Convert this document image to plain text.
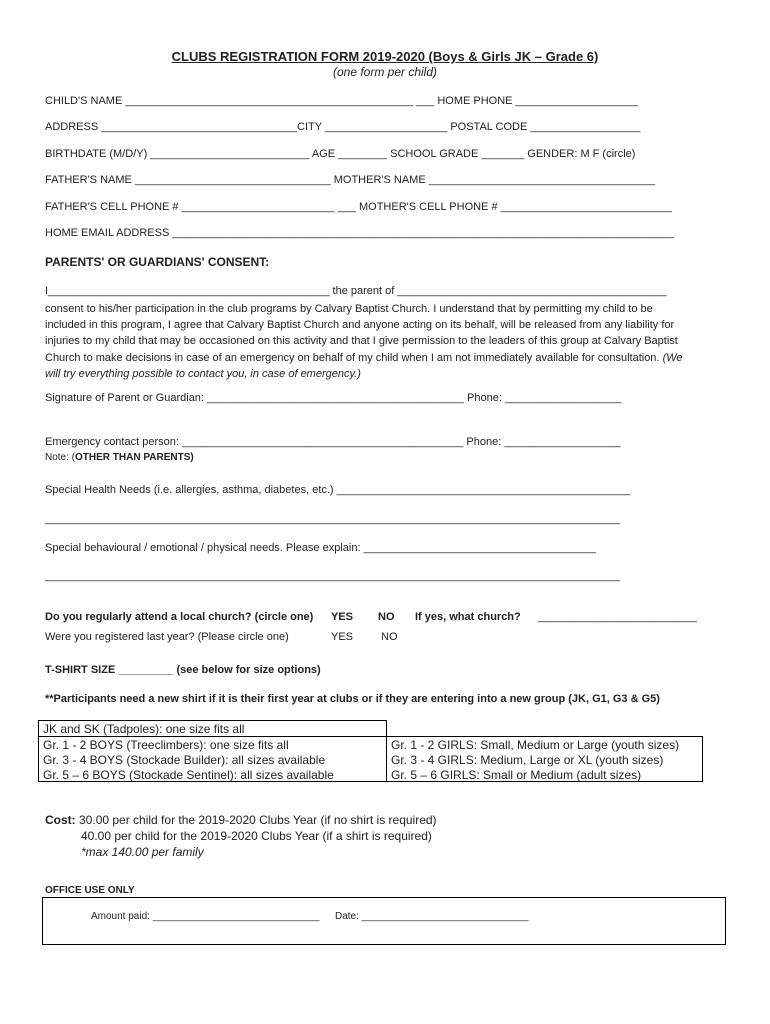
CLUBS REGISTRATION FORM 2019-2020 (Boys & Girls JK – Grade 6)
(one form per child)
CHILD'S NAME _______________________________________________ ___ HOME PHONE ____________________
ADDRESS ________________________________CITY ____________________ POSTAL CODE __________________
BIRTHDATE (M/D/Y) __________________________ AGE ________ SCHOOL GRADE _______ GENDER: M F (circle)
FATHER'S NAME ________________________________ MOTHER'S NAME _____________________________________
FATHER'S CELL PHONE # _________________________ ___ MOTHER'S CELL PHONE # ____________________________
HOME EMAIL ADDRESS __________________________________________________________________________________
PARENTS' OR GUARDIANS' CONSENT:
I______________________________________________ the parent of ____________________________________________
consent to his/her participation in the club programs by Calvary Baptist Church. I understand that by permitting my child to be included in this program, I agree that Calvary Baptist Church and anyone acting on its behalf, will be released from any liability for injuries to my child that may be occasioned on this activity and that I give permission to the leaders of this group at Calvary Baptist Church to make decisions in case of an emergency on behalf of my child when I am not immediately available for consultation. (We will try everything possible to contact you, in case of emergency.)
Signature of Parent or Guardian: __________________________________________ Phone: ___________________
Emergency contact person: ______________________________________________ Phone: ___________________
Note: (OTHER THAN PARENTS)
Special Health Needs (i.e. allergies, asthma, diabetes, etc.) ________________________________________________
______________________________________________________________________________________________
Special behavioural / emotional / physical needs. Please explain: ______________________________________
______________________________________________________________________________________________
Do you regularly attend a local church? (circle one) YES NO If yes, what church? __________________________
Were you registered last year? (Please circle one)	YES	NO
T-SHIRT SIZE _________ (see below for size options)
**Participants need a new shirt if it is their first year at clubs or if they are entering into a new group (JK, G1, G3 & G5)
JK and SK (Tadpoles): one size fits all
Gr. 1 - 2 BOYS (Treeclimbers): one size fits all
Gr. 3 - 4 BOYS (Stockade Builder): all sizes available
Gr. 5 – 6 BOYS (Stockade Sentinel): all sizes available
Gr. 1 - 2 GIRLS: Small, Medium or Large (youth sizes)
Gr. 3 - 4 GIRLS: Medium, Large or XL (youth sizes)
Gr. 5 – 6 GIRLS: Small or Medium (adult sizes)
Cost: 30.00 per child for the 2019-2020 Clubs Year (if no shirt is required)
40.00 per child for the 2019-2020 Clubs Year (if a shirt is required)
*max 140.00 per family
OFFICE USE ONLY
Amount paid: ______________________________ Date: ______________________________
